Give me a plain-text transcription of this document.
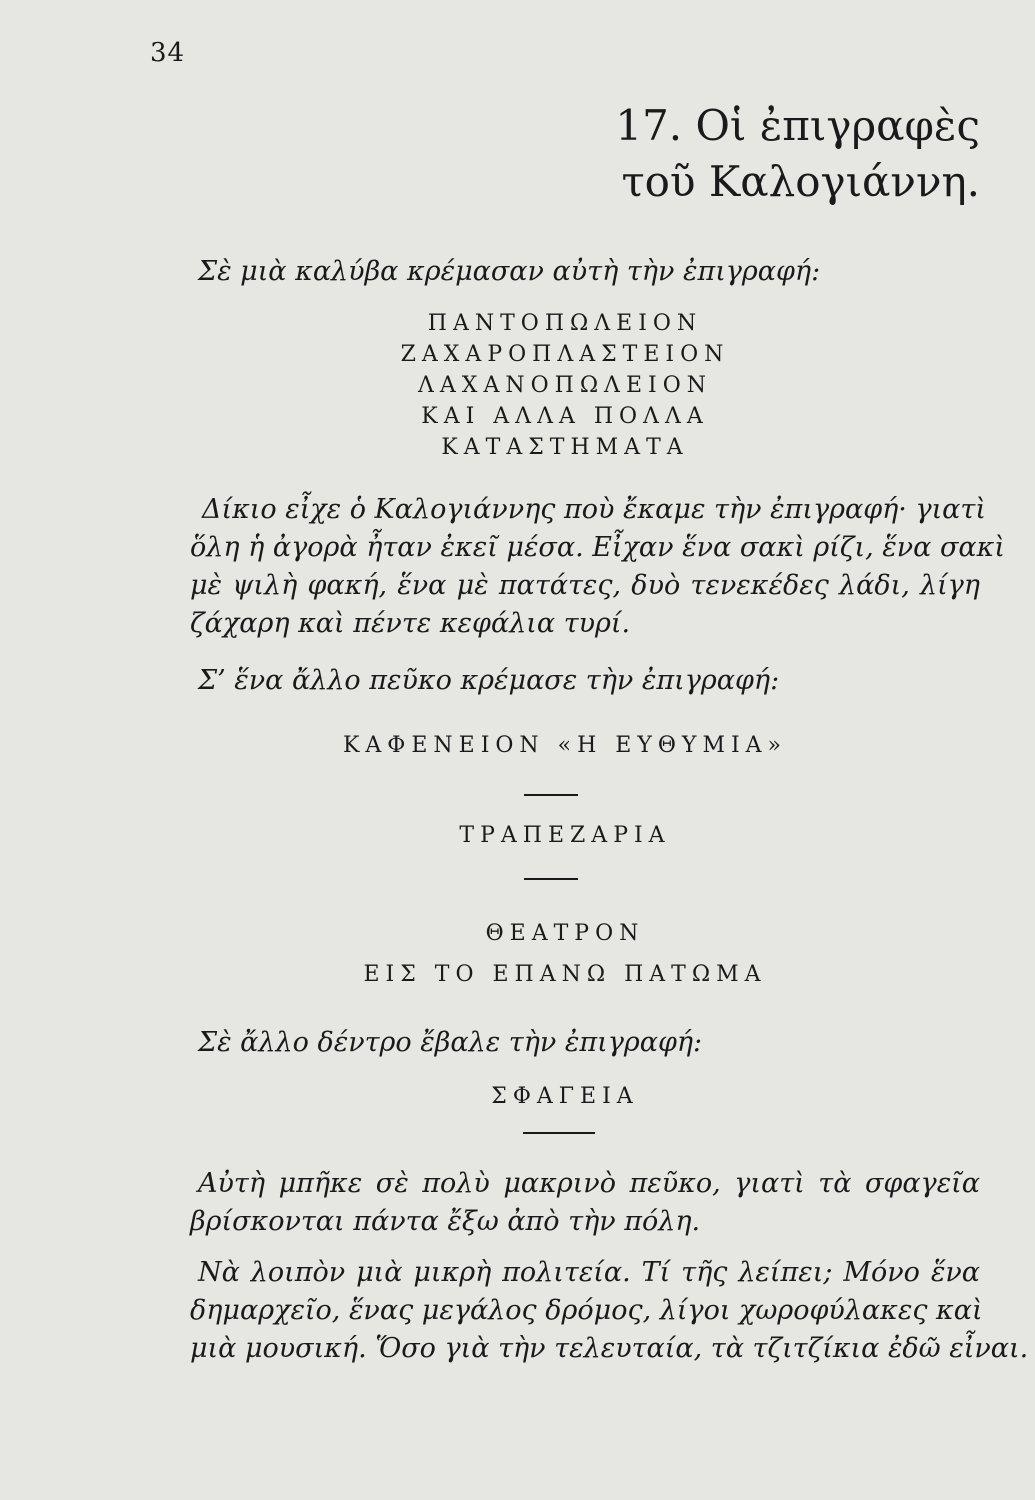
34
17. Οἱ ἐπιγραφὲς
τοῦ Καλογιάννη.
Σὲ μιὰ καλύβα κρέμασαν αὐτὴ τὴν ἐπιγραφή:
ΠΑΝΤΟΠΩΛΕΙΟΝ
ΖΑΧΑΡΟΠΛΑΣΤΕΙΟΝ
ΛΑΧΑΝΟΠΩΛΕΙΟΝ
ΚΑΙ ΑΛΛΑ ΠΟΛΛΑ
ΚΑΤΑΣΤΗΜΑΤΑ
Δίκιο εἶχε ὁ Καλογιάννης ποὺ ἔκαμε τὴν ἐπιγραφή· γιατὶ
ὅλη ἡ ἀγορὰ ἦταν ἐκεῖ μέσα. Εἶχαν ἕνα σακὶ ρίζι, ἕνα σακὶ
μὲ ψιλὴ φακή, ἕνα μὲ πατάτες, δυὸ τενεκέδες λάδι, λίγη
ζάχαρη καὶ πέντε κεφάλια τυρί.
Σ’ ἕνα ἄλλο πεῦκο κρέμασε τὴν ἐπιγραφή:
ΚΑΦΕΝΕΙΟΝ «Η ΕΥΘΥΜΙΑ»
ΤΡΑΠΕΖΑΡΙΑ
ΘΕΑΤΡΟΝ
ΕΙΣ ΤΟ ΕΠΑΝΩ ΠΑΤΩΜΑ
Σὲ ἄλλο δέντρο ἔβαλε τὴν ἐπιγραφή:
ΣΦΑΓΕΙΑ
Αὐτὴ μπῆκε σὲ πολὺ μακρινὸ πεῦκο, γιατὶ τὰ σφαγεῖα
βρίσκονται πάντα ἔξω ἀπὸ τὴν πόλη.
Νὰ λοιπὸν μιὰ μικρὴ πολιτεία. Τί τῆς λείπει; Μόνο ἕνα
δημαρχεῖο, ἕνας μεγάλος δρόμος, λίγοι χωροφύλακες καὶ
μιὰ μουσική. Ὅσο γιὰ τὴν τελευταία, τὰ τζιτζίκια ἐδῶ εἶναι.
